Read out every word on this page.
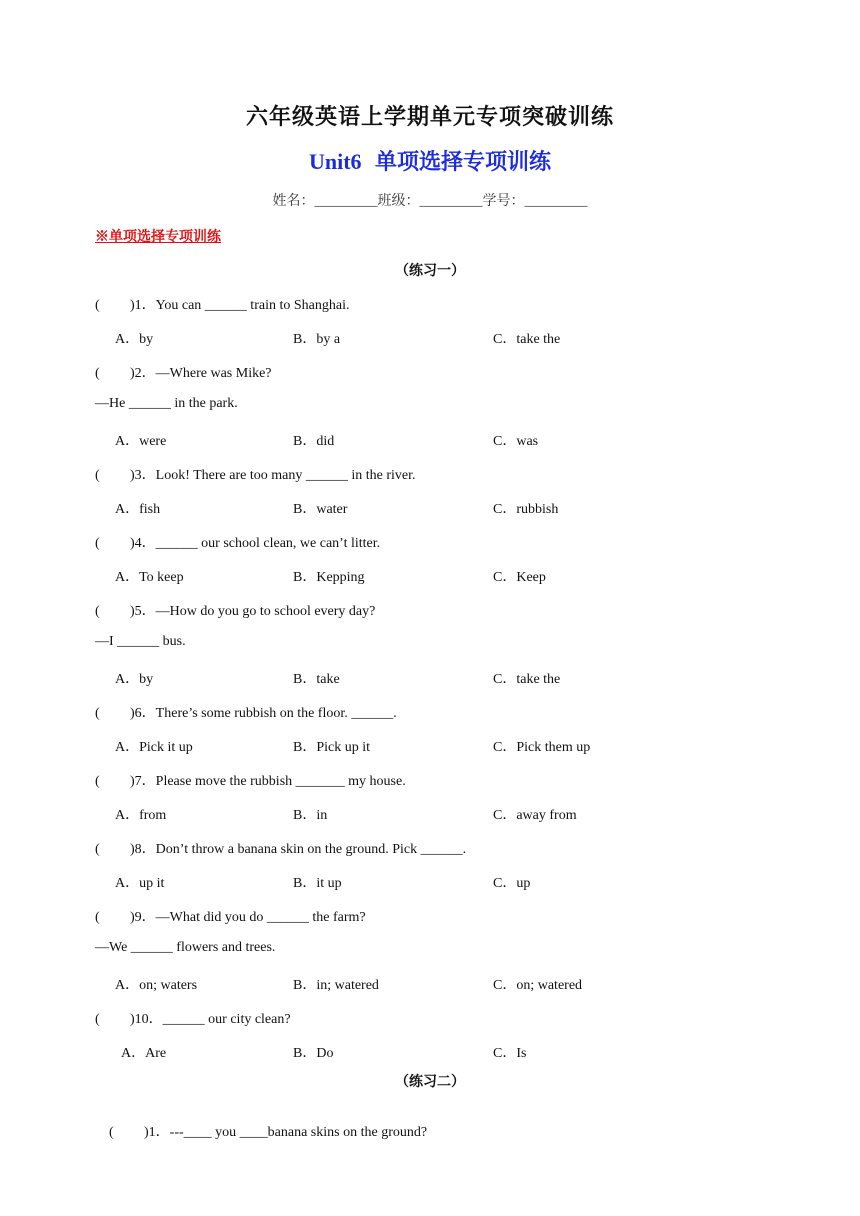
六年级英语上学期单元专项突破训练
Unit6 单项选择专项训练
姓名：_________班级：_________学号：_________
※单项选择专项训练
（练习一）
( )1．You can ______ train to Shanghai.
A．by	B．by a	C．take the
( )2．—Where was Mike?
—He ______ in the park.
A．were	B．did	C．was
( )3．Look! There are too many ______ in the river.
A．fish	B．water	C．rubbish
( )4．______ our school clean, we can’t litter.
A．To keep	B．Kepping	C．Keep
( )5．—How do you go to school every day?
—I ______ bus.
A．by	B．take	C．take the
( )6．There’s some rubbish on the floor. ______.
A．Pick it up	B．Pick up it	C．Pick them up
( )7．Please move the rubbish _______ my house.
A．from	B．in	C．away from
( )8．Don’t throw a banana skin on the ground. Pick ______.
A．up it	B．it up	C．up
( )9．—What did you do ______ the farm?
—We ______ flowers and trees.
A．on; waters	B．in; watered	C．on; watered
( )10．______ our city clean?
A．Are	B．Do	C．Is
（练习二）

( )1．---____ you ____banana skins on the ground?
